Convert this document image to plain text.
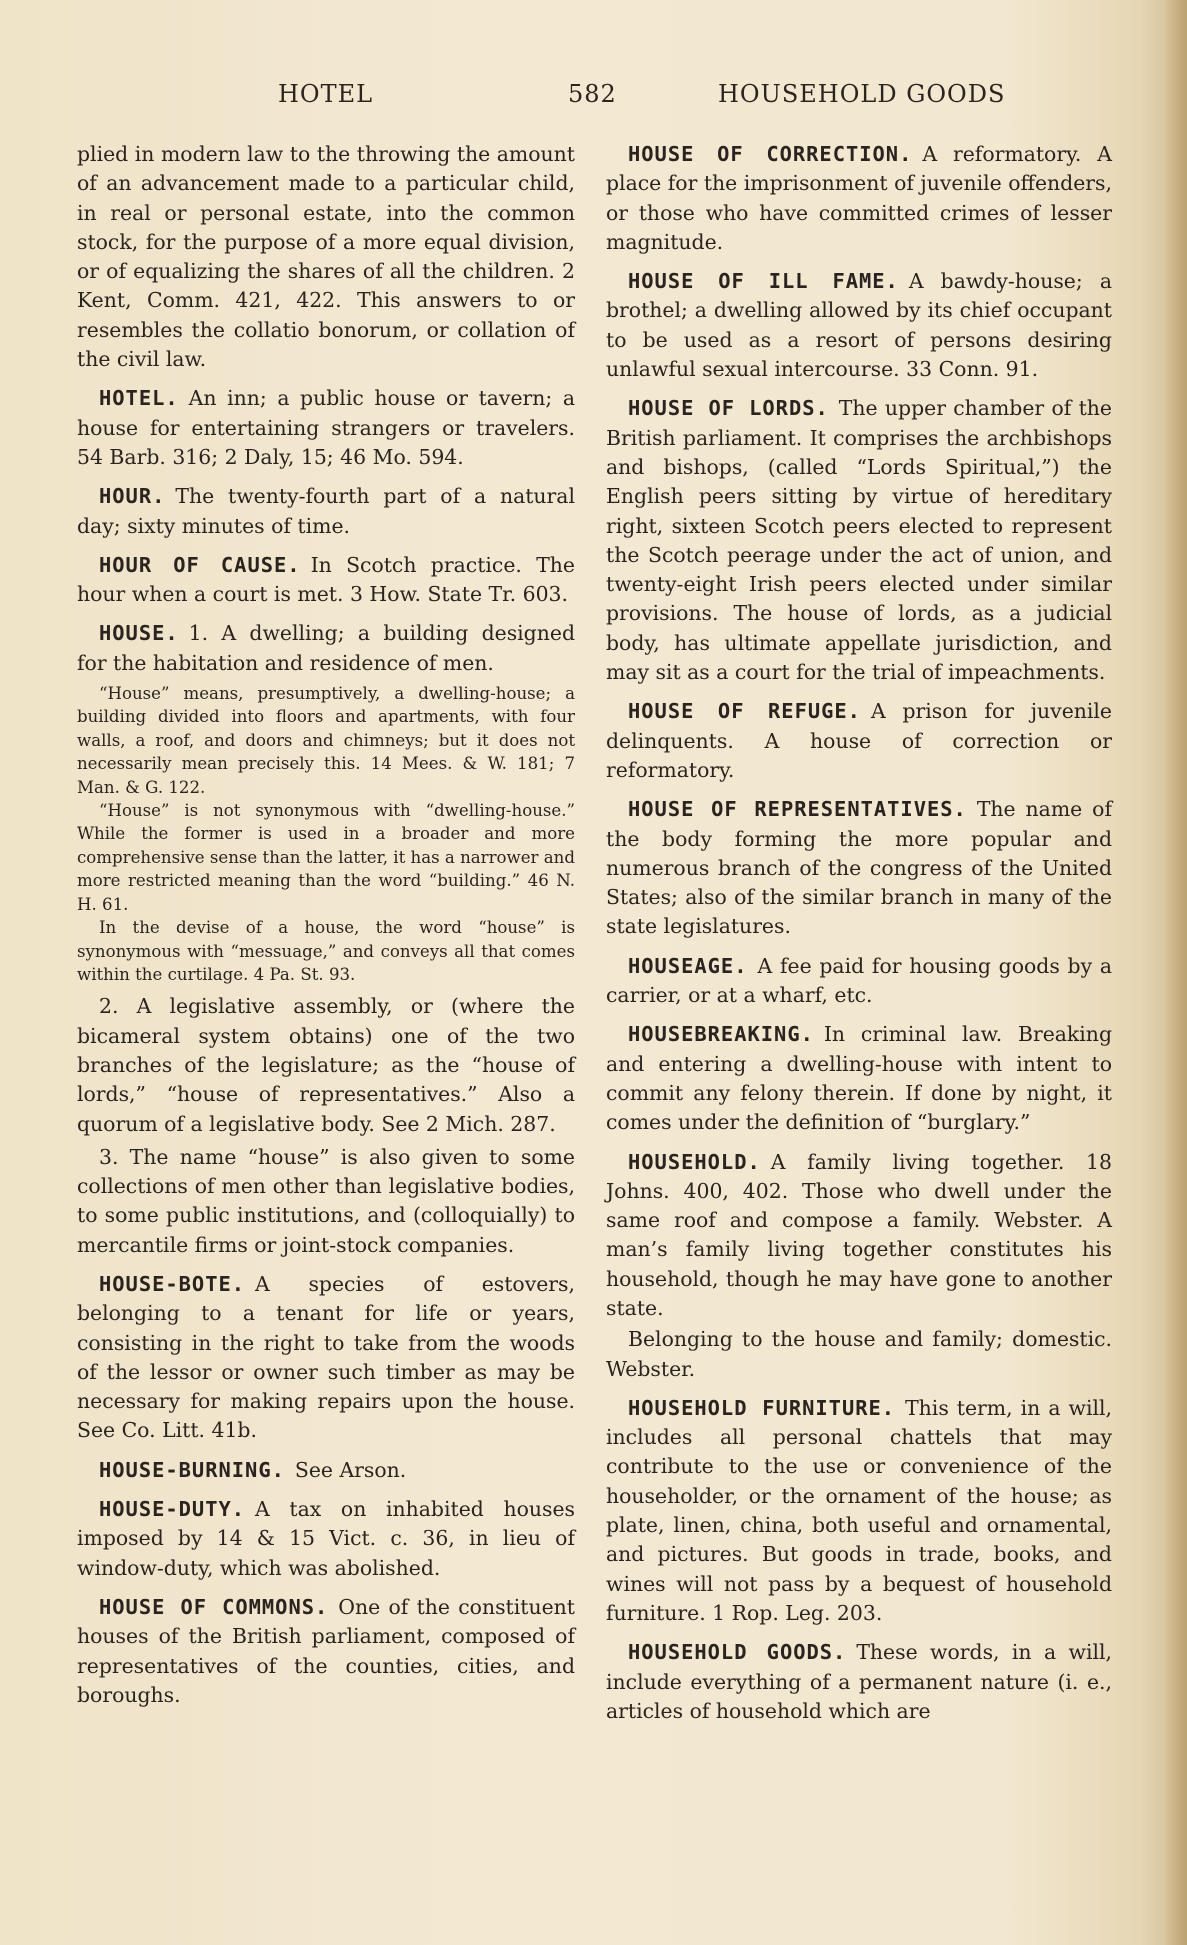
HOTEL	582	HOUSEHOLD GOODS

plied in modern law to the throwing the amount of an advancement made to a particular child, in real or personal estate, into the common stock, for the purpose of a more equal division, or of equalizing the shares of all the children. 2 Kent, Comm. 421, 422. This answers to or resembles the collatio bonorum, or collation of the civil law.

HOTEL. An inn; a public house or tavern; a house for entertaining strangers or travelers. 54 Barb. 316; 2 Daly, 15; 46 Mo. 594.

HOUR. The twenty-fourth part of a natural day; sixty minutes of time.

HOUR OF CAUSE. In Scotch practice. The hour when a court is met. 3 How. State Tr. 603.

HOUSE. 1. A dwelling; a building designed for the habitation and residence of men.

“House” means, presumptively, a dwelling-house; a building divided into floors and apartments, with four walls, a roof, and doors and chimneys; but it does not necessarily mean precisely this. 14 Mees. & W. 181; 7 Man. & G. 122.

“House” is not synonymous with “dwelling-house.” While the former is used in a broader and more comprehensive sense than the latter, it has a narrower and more restricted meaning than the word “building.” 46 N. H. 61.

In the devise of a house, the word “house” is synonymous with “messuage,” and conveys all that comes within the curtilage. 4 Pa. St. 93.

2. A legislative assembly, or (where the bicameral system obtains) one of the two branches of the legislature; as the “house of lords,” “house of representatives.” Also a quorum of a legislative body. See 2 Mich. 287.

3. The name “house” is also given to some collections of men other than legislative bodies, to some public institutions, and (colloquially) to mercantile firms or joint-stock companies.

HOUSE-BOTE. A species of estovers, belonging to a tenant for life or years, consisting in the right to take from the woods of the lessor or owner such timber as may be necessary for making repairs upon the house. See Co. Litt. 41b.

HOUSE-BURNING. See Arson.

HOUSE-DUTY. A tax on inhabited houses imposed by 14 & 15 Vict. c. 36, in lieu of window-duty, which was abolished.

HOUSE OF COMMONS. One of the constituent houses of the British parliament, composed of representatives of the counties, cities, and boroughs.

HOUSE OF CORRECTION. A reformatory. A place for the imprisonment of juvenile offenders, or those who have committed crimes of lesser magnitude.

HOUSE OF ILL FAME. A bawdy-house; a brothel; a dwelling allowed by its chief occupant to be used as a resort of persons desiring unlawful sexual intercourse. 33 Conn. 91.

HOUSE OF LORDS. The upper chamber of the British parliament. It comprises the archbishops and bishops, (called “Lords Spiritual,”) the English peers sitting by virtue of hereditary right, sixteen Scotch peers elected to represent the Scotch peerage under the act of union, and twenty-eight Irish peers elected under similar provisions. The house of lords, as a judicial body, has ultimate appellate jurisdiction, and may sit as a court for the trial of impeachments.

HOUSE OF REFUGE. A prison for juvenile delinquents. A house of correction or reformatory.

HOUSE OF REPRESENTATIVES. The name of the body forming the more popular and numerous branch of the congress of the United States; also of the similar branch in many of the state legislatures.

HOUSEAGE. A fee paid for housing goods by a carrier, or at a wharf, etc.

HOUSEBREAKING. In criminal law. Breaking and entering a dwelling-house with intent to commit any felony therein. If done by night, it comes under the definition of “burglary.”

HOUSEHOLD. A family living together. 18 Johns. 400, 402. Those who dwell under the same roof and compose a family. Webster. A man’s family living together constitutes his household, though he may have gone to another state.

Belonging to the house and family; domestic. Webster.

HOUSEHOLD FURNITURE. This term, in a will, includes all personal chattels that may contribute to the use or convenience of the householder, or the ornament of the house; as plate, linen, china, both useful and ornamental, and pictures. But goods in trade, books, and wines will not pass by a bequest of household furniture. 1 Rop. Leg. 203.

HOUSEHOLD GOODS. These words, in a will, include everything of a permanent nature (i. e., articles of household which are
